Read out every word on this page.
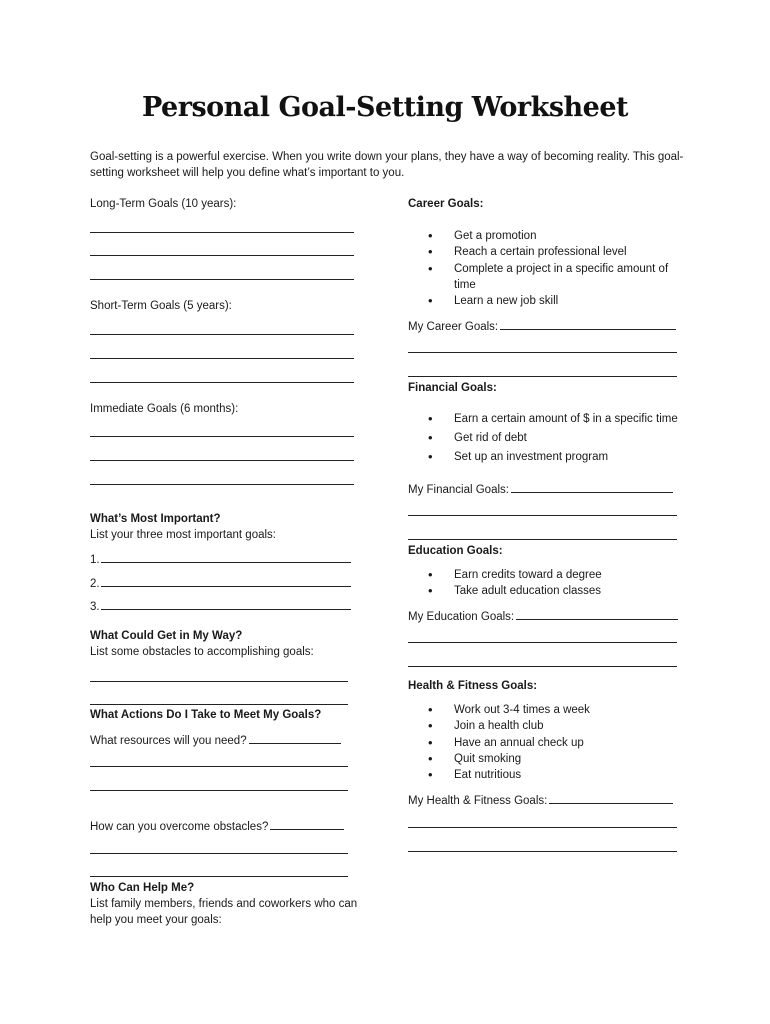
Personal Goal-Setting Worksheet
Goal-setting is a powerful exercise. When you write down your plans, they have a way of becoming reality. This goal-setting worksheet will help you define what’s important to you.
Long-Term Goals (10 years):
Short-Term Goals (5 years):
Immediate Goals (6 months):
What’s Most Important?
List your three most important goals:
1.
2.
3.
What Could Get in My Way?
List some obstacles to accomplishing goals:
What Actions Do I Take to Meet My Goals?
What resources will you need?
How can you overcome obstacles?
Who Can Help Me?
List family members, friends and coworkers who can
help you meet your goals:
Career Goals:
• Get a promotion
• Reach a certain professional level
• Complete a project in a specific amount of
time
• Learn a new job skill
My Career Goals:
Financial Goals:
• Earn a certain amount of $ in a specific time
• Get rid of debt
• Set up an investment program
My Financial Goals:
Education Goals:
• Earn credits toward a degree
• Take adult education classes
My Education Goals:
Health & Fitness Goals:
• Work out 3-4 times a week
• Join a health club
• Have an annual check up
• Quit smoking
• Eat nutritious
My Health & Fitness Goals:
